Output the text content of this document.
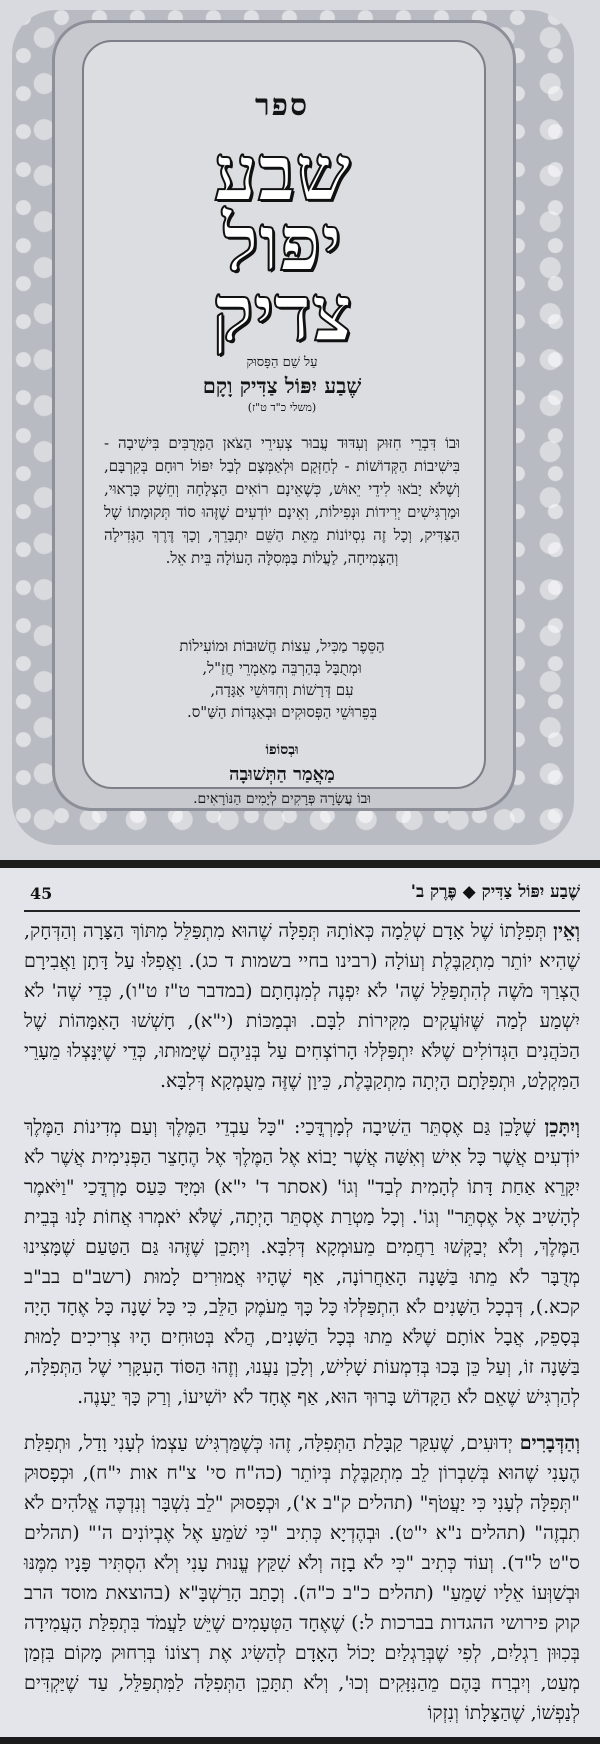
ספר
שבע
יפול
צדיק
עַל שֵׁם הַפָּסוּק
שֶׁבַע יִפּוֹל צַדִּיק וָקָם
(משלי כ"ד ט"ז)
וּבוֹ דִּבְרֵי חִזּוּק וְעִדּוּד עֲבוּר צְעִירֵי הַצֹּאן הַמְּרֻבִּים בִּישִׁיבָה - בִּישִׁיבוֹת הַקְּדוֹשׁוֹת - לְחַזְּקָם וּלְאַמְּצָם לְבַל יִפּוֹל רוּחָם בְּקִרְבָּם, וְשֶׁלֹּא יָבֹאוּ לִידֵי יֵאוּשׁ, כְּשֶׁאֵינָם רוֹאִים הַצְלָחָה וְחֵשֶׁק כָּרָאוּי, וּמַרְגִּישִׁים יְרִידוֹת וּנְפִילוֹת, וְאֵינָם יוֹדְעִים שֶׁזֶּהוּ סוֹד תְּקוּמָתוֹ שֶׁל הַצַּדִּיק, וְכָל זֶה נִסְיוֹנוֹת מֵאֵת הַשֵּׁם יִתְבָּרֵךְ, וְכָךְ דֶּרֶךְ הַגְּדִילָה וְהַצְּמִיחָה, לַעֲלוֹת בַּמְּסִלָּה הָעוֹלָה בֵּית אֵל.
הַסֵּפֶר מַכִּיל, עֵצוֹת חֲשׁוּבוֹת וּמוֹעִילוֹת
וּמְתֻבָּל בְּהַרְבֵּה מַאַמְרֵי חֲזַ"ל,
עִם דְּרָשׁוֹת וְחִדּוּשֵׁי אַגָּדָה,
בְּפֵרוּשֵׁי הַפְּסוּקִים וּבְאַגָּדוֹת הַשַּׁ"ס.
וּבְסוֹפוֹ
מַאֲמַר הַתְּשׁוּבָה
וּבוֹ עֲשָׂרָה פְּרָקִים לְיָמִים הַנּוֹרָאִים.
שֶׁבַע יִפּוֹל צַדִּיק ◆ פֶּרֶק ב'
45

וְאֵין תְּפִלָּתוֹ שֶׁל אָדָם שְׁלֵמָה כְּאוֹתָהּ תְּפִלָּה שֶׁהוּא מִתְפַּלֵּל מִתּוֹךְ הַצָּרָה וְהַדְּחָק, שֶׁהִיא יוֹתֵר מִתְקַבֶּלֶת וְעוֹלָה (רבינו בחיי בשמות ד כג). וַאֲפִלּוּ עַל דָּתָן וַאֲבִירָם הֻצְרַךְ מֹשֶׁה לְהִתְפַּלֵּל שֶׁה' לֹא יִפְנֶה לְמִנְחָתָם (במדבר ט"ז ט"ו), כְּדֵי שֶׁה' לֹא יִשְׁמַע לְמַה שֶּׁזּוֹעֲקִים מִקִּירוֹת לִבָּם. וּבְמַכּוֹת (י"א), חָשְׁשׁוּ הָאִמָּהוֹת שֶׁל הַכֹּהֲנִים הַגְּדוֹלִים שֶׁלֹּא יִתְפַּלְּלוּ הָרוֹצְחִים עַל בְּנֵיהֶם שֶׁיָּמוּתוּ, כְּדֵי שֶׁיִּנָּצְלוּ מֵעָרֵי הַמִּקְלָט, וּתְפִלָּתָם הָיְתָה מִתְקַבֶּלֶת, כֵּיוָן שֶׁזֶּה מֵעֻמְקָא דְּלִבָּא.

וְיִתָּכֵן שֶׁלָּכֵן גַּם אֶסְתֵּר הֵשִׁיבָה לְמָרְדֳּכַי: "כָּל עַבְדֵי הַמֶּלֶךְ וְעַם מְדִינוֹת הַמֶּלֶךְ יוֹדְעִים אֲשֶׁר כָּל אִישׁ וְאִשָּׁה אֲשֶׁר יָבוֹא אֶל הַמֶּלֶךְ אֶל הֶחָצֵר הַפְּנִימִית אֲשֶׁר לֹא יִקָּרֵא אַחַת דָּתוֹ לְהָמִית לְבַד" וְגוֹ' (אסתר ד' י"א) וּמִיָּד כַּעַס מָרְדֳּכַי "וַיֹּאמֶר לְהָשִׁיב אֶל אֶסְתֵּר" וְגוֹ'. וְכָל מַטְרַת אֶסְתֵּר הָיְתָה, שֶׁלֹּא יֹאמְרוּ אֲחוֹת לָנוּ בְּבֵית הַמֶּלֶךְ, וְלֹא יְבַקְּשׁוּ רַחֲמִים מֵעוּמְקָא דְּלִבָּא. וְיִתָּכֵן שֶׁזֶּהוּ גַּם הַטַּעַם שֶׁמָּצִינוּ מְדֻבָּר לֹא מֵתוּ בַּשָּׁנָה הָאַחֲרוֹנָה, אַף שֶׁהָיוּ אֲמוּרִים לָמוּת (רשב"ם בב"ב קכא.), דְּבְכָל הַשָּׁנִים לֹא הִתְפַּלְּלוּ כָּל כָּךְ מֵעֹמֶק הַלֵּב, כִּי כָּל שָׁנָה כָּל אֶחָד הָיָה בְּסָפֵק, אֲבָל אוֹתָם שֶׁלֹּא מֵתוּ בְּכָל הַשָּׁנִים, הֲלֹא בְּטוּחִים הָיוּ צְרִיכִים לָמוּת בַּשָּׁנָה זוֹ, וְעַל כֵּן בָּכוּ בְּדִמְעוֹת שָׁלִישׁ, וְלָכֵן נַעֲנוּ, וְזֶהוּ הַסּוֹד הָעִקָּרִי שֶׁל הַתְּפִלָּה, לְהַרְגִּישׁ שֶׁאֵם לֹא הַקָּדוֹשׁ בָּרוּךְ הוּא, אַף אֶחָד לֹא יוֹשִׁיעוֹ, וְרַק כָּךְ יֵעָנֶה.

וְהַדְּבָרִים יְדוּעִים, שֶׁעִקַּר קַבָּלַת הַתְּפִלָּה, זֶהוּ כְּשֶׁמַּרְגִּישׁ עַצְמוֹ לְעָנִי וָדַל, וּתְפִלַּת הֶעָנִי שֶׁהוּא בְּשִׁבְרוֹן לֵב מִתְקַבֶּלֶת בְּיוֹתֵר (כה"ח סי' צ"ח אות י"ח), וּכְפָסוּק "תְּפִלָּה לְעָנִי כִּי יַעֲטֹף" (תהלים ק"ב א'), וּכְפָסוּק "לֵב נִשְׁבָּר וְנִדְכֶּה אֱלֹהִים לֹא תִבְזֶה" (תהלים נ"א י"ט). וּבְהֶדְיָא כְּתִיב "כִּי שֹׁמֵעַ אֶל אֶבְיוֹנִים ה'" (תהלים ס"ט ל"ד). וְעוֹד כְּתִיב "כִּי לֹא בָזָה וְלֹא שִׁקַּץ עֱנוּת עָנִי וְלֹא הִסְתִּיר פָּנָיו מִמֶּנּוּ וּבְשַׁוְּעוֹ אֵלָיו שָׁמֵעַ" (תהלים כ"ב כ"ה). וְכָתַב הָרַשְׁבָּ"א (בהוצאת מוסד הרב קוק פירושי ההגדות בברכות ל:) שֶׁאֶחָד הַטְּעָמִים שֶׁיֵּשׁ לַעֲמֹד בִּתְפִלַּת הָעֲמִידָה בְּכִוּוּן רַגְלַיִם, לְפִי שֶׁבְּרַגְלַיִם יָכוֹל הָאָדָם לְהַשִּׂיג אֶת רְצוֹנוֹ בְּרִחוּק מָקוֹם בִּזְמַן מְעַט, וְיִבְרַח בָּהֶם מֵהַנִּזָּקִים וְכוּ', וְלֹא תִתָּכֵן הַתְּפִלָּה לַמִּתְפַּלֵּל, עַד שֶׁיַּקְדִּים לְנַפְשׁוֹ, שֶׁהַצָּלָתוֹ וְנִזְקוֹ
